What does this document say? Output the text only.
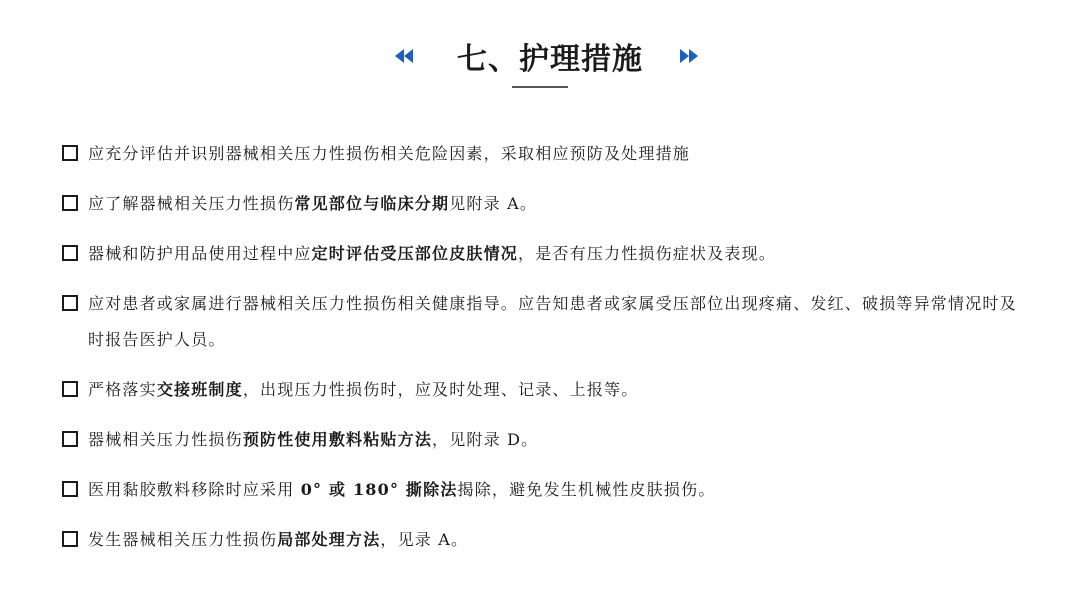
七、护理措施
应充分评估并识别器械相关压力性损伤相关危险因素，采取相应预防及处理措施
应了解器械相关压力性损伤常见部位与临床分期见附录 A。
器械和防护用品使用过程中应定时评估受压部位皮肤情况，是否有压力性损伤症状及表现。
应对患者或家属进行器械相关压力性损伤相关健康指导。应告知患者或家属受压部位出现疼痛、发红、破损等异常情况时及时报告医护人员。
严格落实交接班制度，出现压力性损伤时，应及时处理、记录、上报等。
器械相关压力性损伤预防性使用敷料粘贴方法，见附录 D。
医用黏胶敷料移除时应采用 0° 或 180° 撕除法揭除，避免发生机械性皮肤损伤。
发生器械相关压力性损伤局部处理方法，见录 A。
